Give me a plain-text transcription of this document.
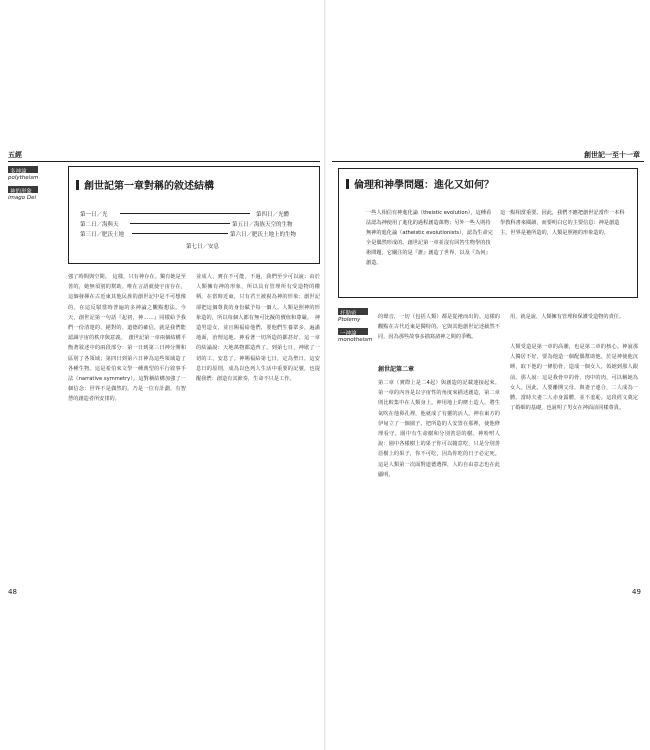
五經
多神論
polytheism
神的形象
imago Dei
創世記第一章對稱的敘述結構
第一日／光	第四日／光體
第二日／海與天	第五日／海族天空的生物
第三日／肥沃土地	第六日／肥沃土地上的生物
第七日／安息
強了時間與空間。　這樣，只有神存在。獨有她是至善的，她無須別的幫助。唯在言語就使宇宙存在，這個發揮在古近東其他民族的創世記中是不可想像的。在這反駁當時普遍的多神論之觀點想法。今天，創世記第一句話『起初，神……』同樣給予我們一份清楚的、絕對的、道德的確信，就是我們能認識宇宙的秩序與意義。　創世記第一章兩個結構平衡著敘述中的兩段部分：第一日到第三日神分開和區別了各領域；第四日到第六日神為這些領域造了各種生物。這是希伯來文學一種典型的平行敘事手法（narrative symmetry）。這對稱結構加強了一個信念：世界不是偶然的，乃是一位有計劃、有智慧的創造者所安排的。
並成人，實在不可能。不過，我們至少可以說：由於人類擁有神的形象，所以具有管理所有受造物的權柄。在當時近東，只有君王被視為神的形象；創世記卻把這個尊貴的身份賦予每一個人。人類是照神的形象造的，所以每個人都有無可比擬的價值和尊嚴。　神造男造女，並且賜福給他們，要他們生養眾多，遍滿地面，治理這地。神看著一切所造的都甚好。這一章的結論說：天地萬物都造齊了。到第七日，神歇了一切的工，安息了。神賜福給第七日，定為聖日。這安息日的原則，成為以色列人生活中重要的記號，也提醒我們：創造有其節奏，生命不只是工作。
48
創世記一至十一章
倫理和神學問題：進化又如何？
一些人相信有神進化論（theistic evolution），這種看法認為神使用了進化的過程創造萬物；另外一些人則持無神的進化論（atheistic evolutionists），認為生命完全是偶然形成的。創世記第一章並沒有回答生物學的技術問題，它關注的是『誰』創造了世界，以及『為何』創造。
這一點相當重要。因此，我們不應把創世記當作一本科學教科書來閱讀，而要明白它的主要信息：神是創造主，世界是祂所造的，人類是照祂的形象造的。
托勒密
Ptolemy
一神論
monotheism
的聲音，一切（包括人類）都是從衪而出的。這樣的觀點在古代近東是獨特的。它與其他創世記述截然不同，因為那些故事多描寫諸神之間的爭戰。
創世記第二章
第二章（實際上是二4起）與創造的記載連接起來。第一章的內容是以宇宙性的角度來描述創造，第二章則比較集中在人類身上。神用地上的塵土造人，將生氣吹在他鼻孔裡，他就成了有靈的活人。神在東方的伊甸立了一個園子，把所造的人安置在那裡，使他修理看守。園中有生命樹和分別善惡的樹。神吩咐人說：園中各樣樹上的果子你可以隨意吃，只是分別善惡樹上的果子，你不可吃，因為你吃的日子必定死。這是人類第一次面對道德選擇，人的自由意志也在此顯明。
用，就是說，人類擁有管理和保護受造物的責任。
人類受造是第一章的高潮，也是第二章的核心。神說那人獨居不好，要為他造一個配偶幫助他。於是神使他沉睡，取下他的一條肋骨，造成一個女人，領她到那人跟前。那人說：這是我骨中的骨，肉中的肉，可以稱她為女人。因此，人要離開父母，與妻子連合，二人成為一體。當時夫妻二人赤身露體，並不羞恥。這段經文奠定了婚姻的基礎，也說明了男女在神面前同樣尊貴。
49
